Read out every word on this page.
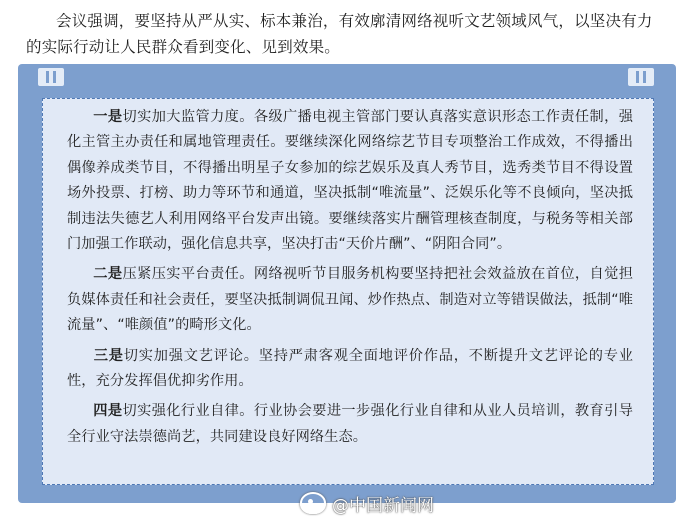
会议强调，要坚持从严从实、标本兼治，有效廓清网络视听文艺领域风气，以坚决有力的实际行动让人民群众看到变化、见到效果。

一是切实加大监管力度。各级广播电视主管部门要认真落实意识形态工作责任制，强化主管主办责任和属地管理责任。要继续深化网络综艺节目专项整治工作成效，不得播出偶像养成类节目，不得播出明星子女参加的综艺娱乐及真人秀节目，选秀类节目不得设置场外投票、打榜、助力等环节和通道，坚决抵制“唯流量”、泛娱乐化等不良倾向，坚决抵制违法失德艺人利用网络平台发声出镜。要继续落实片酬管理核查制度，与税务等相关部门加强工作联动，强化信息共享，坚决打击“天价片酬”、“阴阳合同”。

二是压紧压实平台责任。网络视听节目服务机构要坚持把社会效益放在首位，自觉担负媒体责任和社会责任，要坚决抵制调侃丑闻、炒作热点、制造对立等错误做法，抵制“唯流量”、“唯颜值”的畸形文化。

三是切实加强文艺评论。坚持严肃客观全面地评价作品，不断提升文艺评论的专业性，充分发挥倡优抑劣作用。

四是切实强化行业自律。行业协会要进一步强化行业自律和从业人员培训，教育引导全行业守法崇德尚艺，共同建设良好网络生态。

@中国新闻网
